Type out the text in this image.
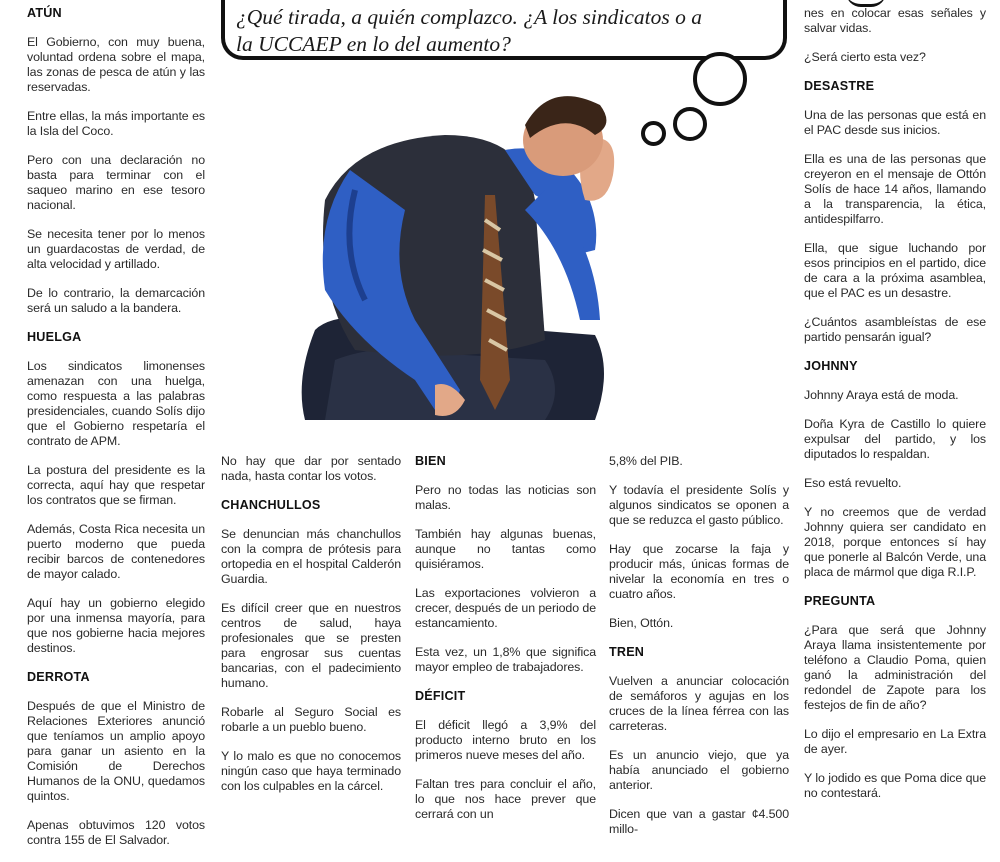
¿Qué tirada, a quién complazco. ¿A los sindicatos o a
la UCCAEP en lo del aumento?
ATÚN

El Gobierno, con muy buena, voluntad ordena sobre el mapa, las zonas de pesca de atún y las reservadas.

Entre ellas, la más importante es la Isla del Coco.

Pero con una declaración no basta para terminar con el saqueo marino en ese tesoro nacional.

Se necesita tener por lo menos un guardacostas de verdad, de alta velocidad y artillado.

De lo contrario, la demarcación será un saludo a la bandera.

HUELGA

Los sindicatos limonenses amenazan con una huelga, como respuesta a las palabras presidenciales, cuando Solís dijo que el Gobierno respetaría el contrato de APM.

La postura del presidente es la correcta, aquí hay que respetar los contratos que se firman.

Además, Costa Rica necesita un puerto moderno que pueda recibir barcos de contenedores de mayor calado.

Aquí hay un gobierno elegido por una inmensa mayoría, para que nos gobierne hacia mejores destinos.

DERROTA

Después de que el Ministro de Relaciones Exteriores anunció que teníamos un amplio apoyo para ganar un asiento en la Comisión de Derechos Humanos de la ONU, quedamos quintos.

Apenas obtuvimos 120 votos contra 155 de El Salvador.

No hay que dar por sentado nada, hasta contar los votos.

CHANCHULLOS

Se denuncian más chanchullos con la compra de prótesis para ortopedia en el hospital Calderón Guardia.

Es difícil creer que en nuestros centros de salud, haya profesionales que se presten para engrosar sus cuentas bancarias, con el padecimiento humano.

Robarle al Seguro Social es robarle a un pueblo bueno.

Y lo malo es que no conocemos ningún caso que haya terminado con los culpables en la cárcel.

BIEN

Pero no todas las noticias son malas.

También hay algunas buenas, aunque no tantas como quisiéramos.

Las exportaciones volvieron a crecer, después de un periodo de estancamiento.

Esta vez, un 1,8% que significa mayor empleo de trabajadores.

DÉFICIT

El déficit llegó a 3,9% del producto interno bruto en los primeros nueve meses del año.

Faltan tres para concluir el año, lo que nos hace prever que cerrará con un

5,8% del PIB.

Y todavía el presidente Solís y algunos sindicatos se oponen a que se reduzca el gasto público.

Hay que zocarse la faja y producir más, únicas formas de nivelar la economía en tres o cuatro años.

Bien, Ottón.

TREN

Vuelven a anunciar colocación de semáforos y agujas en los cruces de la línea férrea con las carreteras.

Es un anuncio viejo, que ya había anunciado el gobierno anterior.

Dicen que van a gastar ¢4.500 millo-

nes en colocar esas señales y salvar vidas.

¿Será cierto esta vez?

DESASTRE

Una de las personas que está en el PAC desde sus inicios.

Ella es una de las personas que creyeron en el mensaje de Ottón Solís de hace 14 años, llamando a la transparencia, la ética, antidespilfarro.

Ella, que sigue luchando por esos principios en el partido, dice de cara a la próxima asamblea, que el PAC es un desastre.

¿Cuántos asambleístas de ese partido pensarán igual?

JOHNNY

Johnny Araya está de moda.

Doña Kyra de Castillo lo quiere expulsar del partido, y los diputados lo respaldan.

Eso está revuelto.

Y no creemos que de verdad Johnny quiera ser candidato en 2018, porque entonces sí hay que ponerle al Balcón Verde, una placa de mármol que diga R.I.P.

PREGUNTA

¿Para que será que Johnny Araya llama insistentemente por teléfono a Claudio Poma, quien ganó la administración del redondel de Zapote para los festejos de fin de año?

Lo dijo el empresario en La Extra de ayer.

Y lo jodido es que Poma dice que no contestará.
